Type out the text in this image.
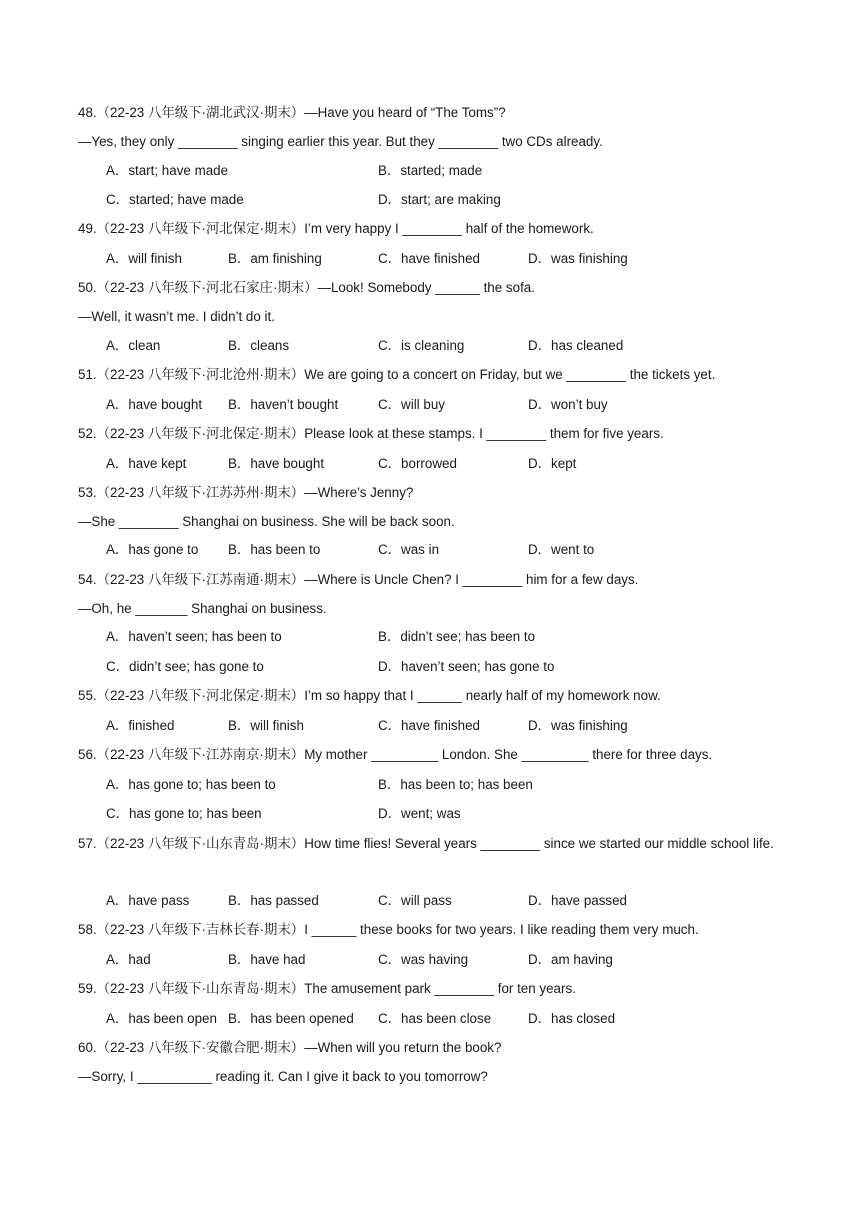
48.（22-23 八年级下·湖北武汉·期末）—Have you heard of “The Toms”?
—Yes, they only ________ singing earlier this year. But they ________ two CDs already.
A．start; have made	B．started; made
C．started; have made	D．start; are making
49.（22-23 八年级下·河北保定·期末）I’m very happy I ________ half of the homework.
A．will finish	B．am finishing	C．have finished	D．was finishing
50.（22-23 八年级下·河北石家庄·期末）—Look! Somebody ______ the sofa.
—Well, it wasn’t me. I didn’t do it.
A．clean	B．cleans	C．is cleaning	D．has cleaned
51.（22-23 八年级下·河北沧州·期末）We are going to a concert on Friday, but we ________ the tickets yet.
A．have bought B．haven’t bought	C．will buy	D．won’t buy
52.（22-23 八年级下·河北保定·期末）Please look at these stamps. I ________ them for five years.
A．have kept	B．have bought	C．borrowed	D．kept
53.（22-23 八年级下·江苏苏州·期末）—Where’s Jenny?
—She ________ Shanghai on business. She will be back soon.
A．has gone to B．has been to	C．was in	D．went to
54.（22-23 八年级下·江苏南通·期末）—Where is Uncle Chen? I ________ him for a few days.
—Oh, he _______ Shanghai on business.
A．haven’t seen; has been to	B．didn’t see; has been to
C．didn’t see; has gone to	D．haven’t seen; has gone to
55.（22-23 八年级下·河北保定·期末）I’m so happy that I ______ nearly half of my homework now.
A．finished	B．will finish	C．have finished	D．was finishing
56.（22-23 八年级下·江苏南京·期末）My mother _________ London. She _________ there for three days.
A．has gone to; has been to	B．has been to; has been
C．has gone to; has been	D．went; was
57.（22-23 八年级下·山东青岛·期末）How time flies! Several years ________ since we started our middle school life.
A．have pass	B．has passed	C．will pass	D．have passed
58.（22-23 八年级下·吉林长春·期末）I ______ these books for two years. I like reading them very much.
A．had	B．have had	C．was having	D．am having
59.（22-23 八年级下·山东青岛·期末）The amusement park ________ for ten years.
A．has been open B．has been opened C．has been close	D．has closed
60.（22-23 八年级下·安徽合肥·期末）—When will you return the book?
—Sorry, I __________ reading it. Can I give it back to you tomorrow?
